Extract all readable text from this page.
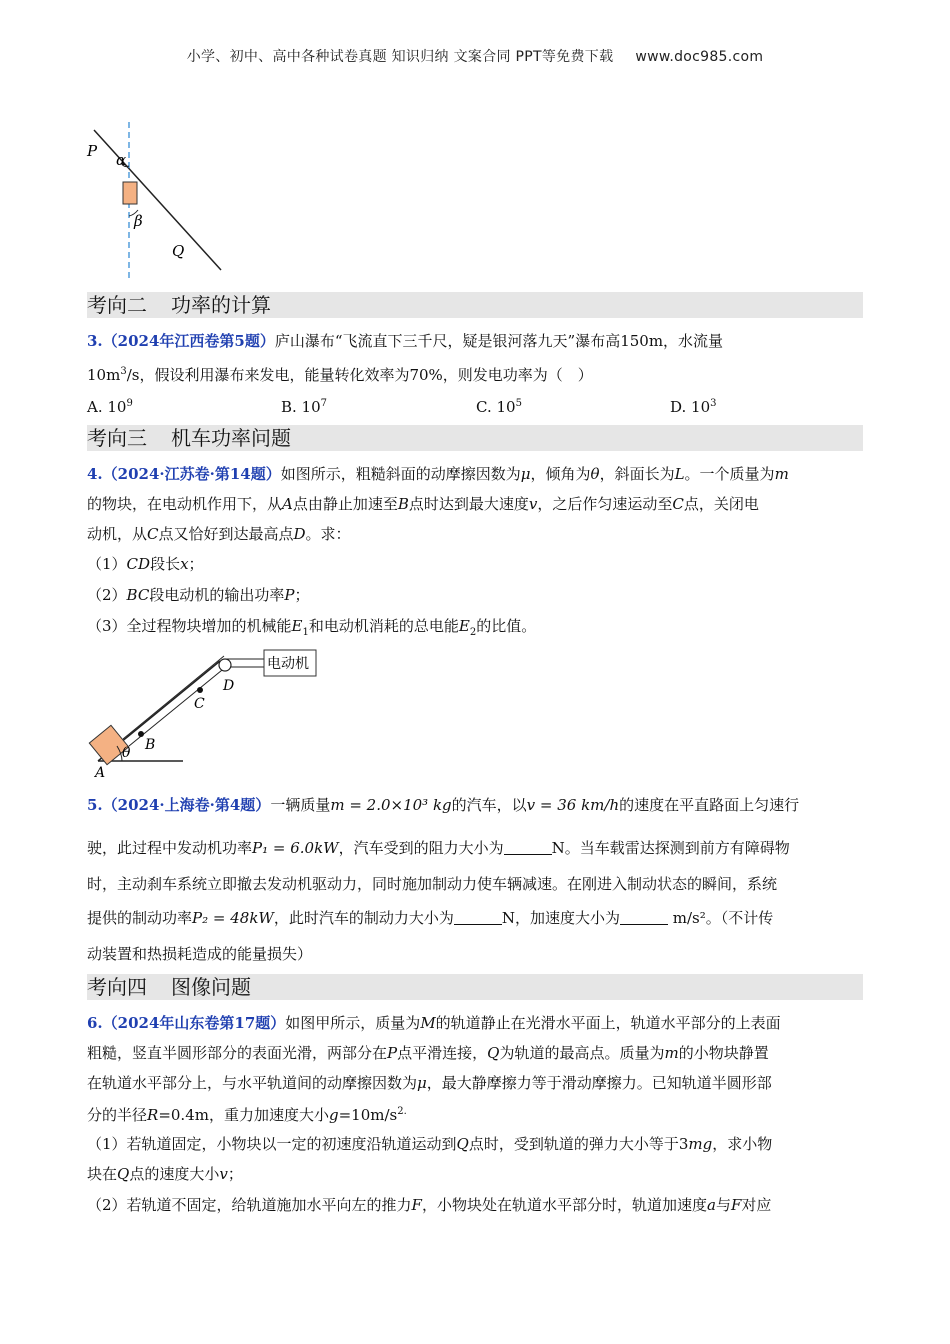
小学、初中、高中各种试卷真题 知识归纳 文案合同 PPT等免费下载 www.doc985.com
P α
β
Q
考向二 功率的计算
3.（2024年江西卷第5题）庐山瀑布“飞流直下三千尺，疑是银河落九天”瀑布高150m，水流量
$10m^3/s$，假设利用瀑布来发电，能量转化效率为70%，则发电功率为（　）
A. $10^9$	B. $10^7$	C. $10^5$	D. $10^3$
考向三 机车功率问题
4.（2024·江苏卷·第14题）如图所示，粗糙斜面的动摩擦因数为μ，倾角为θ，斜面长为L。一个质量为m
的物块，在电动机作用下，从A点由静止加速至B点时达到最大速度v，之后作匀速运动至C点，关闭电
动机，从C点又恰好到达最高点D。求：
（1）CD段长x；
（2）BC段电动机的输出功率P；
（3）全过程物块增加的机械能$E_1$和电动机消耗的总电能$E_2$的比值。
电动机
A
B
θ
C
D
5.（2024·上海卷·第4题）一辆质量m = 2.0×10³ kg的汽车，以v = 36 km/h的速度在平直路面上匀速行
驶，此过程中发动机功率P₁ = 6.0kW，汽车受到的阻力大小为	N。当车载雷达探测到前方有障碍物
时，主动刹车系统立即撤去发动机驱动力，同时施加制动力使车辆减速。在刚进入制动状态的瞬间，系统
提供的制动功率P₂ = 48kW，此时汽车的制动力大小为	N，加速度大小为	m/s²。（不计传
动装置和热损耗造成的能量损失）
考向四 图像问题
6.（2024年山东卷第17题）如图甲所示，质量为M的轨道静止在光滑水平面上，轨道水平部分的上表面
粗糙，竖直半圆形部分的表面光滑，两部分在P点平滑连接，Q为轨道的最高点。质量为m的小物块静置
在轨道水平部分上，与水平轨道间的动摩擦因数为μ，最大静摩擦力等于滑动摩擦力。已知轨道半圆形部
分的半径R=0.4m，重力加速度大小$g=10m/s^{2.}$
（1）若轨道固定，小物块以一定的初速度沿轨道运动到Q点时，受到轨道的弹力大小等于3mg，求小物
块在Q点的速度大小v；
（2）若轨道不固定，给轨道施加水平向左的推力F，小物块处在轨道水平部分时，轨道加速度a与F对应
